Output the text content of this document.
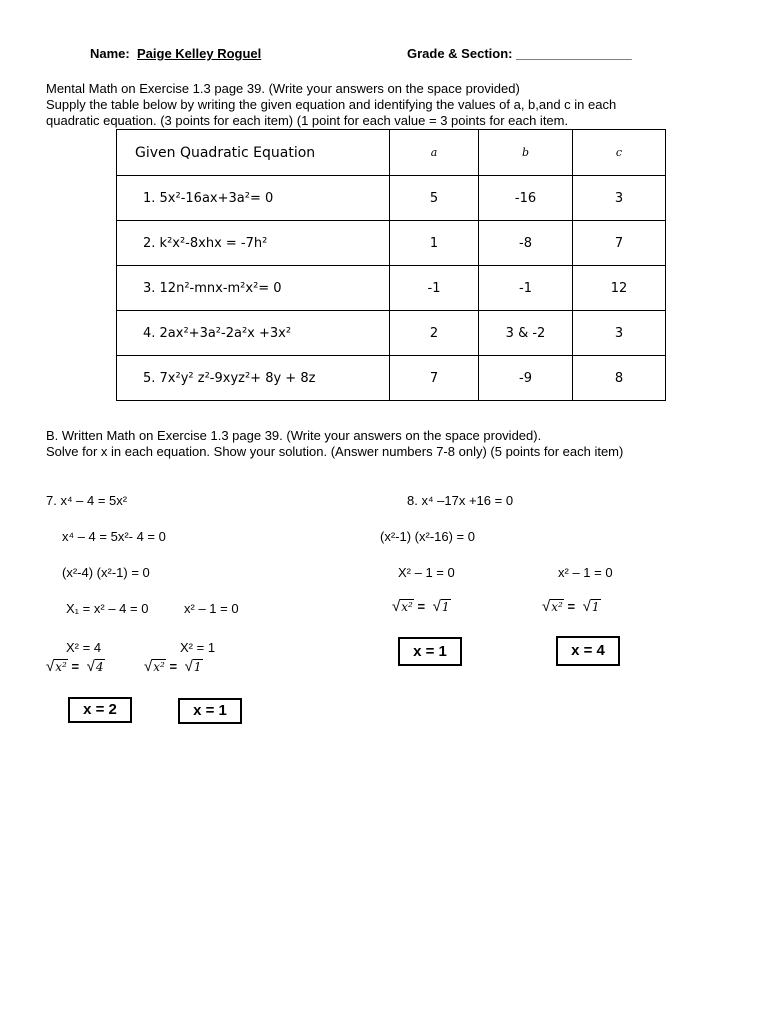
Name: Paige Kelley Roguel	Grade & Section: ________________
Mental Math on Exercise 1.3 page 39. (Write your answers on the space provided)
Supply the table below by writing the given equation and identifying the values of a, b,and c in each
quadratic equation. (3 points for each item) (1 point for each value = 3 points for each item.
Given Quadratic Equation	a	b	c
1. 5x²-16ax+3a²= 0	5	-16	3
2. k²x²-8xhx = -7h²	1	-8	7
3. 12n²-mnx-m²x²= 0	-1	-1	12
4. 2ax²+3a²-2a²x +3x²	2	3 & -2	3
5. 7x²y² z²-9xyz²+ 8y + 8z	7	-9	8
B. Written Math on Exercise 1.3 page 39. (Write your answers on the space provided).
Solve for x in each equation. Show your solution. (Answer numbers 7-8 only) (5 points for each item)
7. x⁴ – 4 = 5x²
x⁴ – 4 = 5x²- 4 = 0
(x²-4) (x²-1) = 0
X₁ = x² – 4 = 0	x² – 1 = 0
X² = 4	X² = 1
√x² = √4	√x² = √1
x = 2	x = 1
8. x⁴ –17x +16 = 0
(x²-1) (x²-16) = 0
X² – 1 = 0	x² – 1 = 0
√x² = √1	√x² = √1
x = 1	x = 4
